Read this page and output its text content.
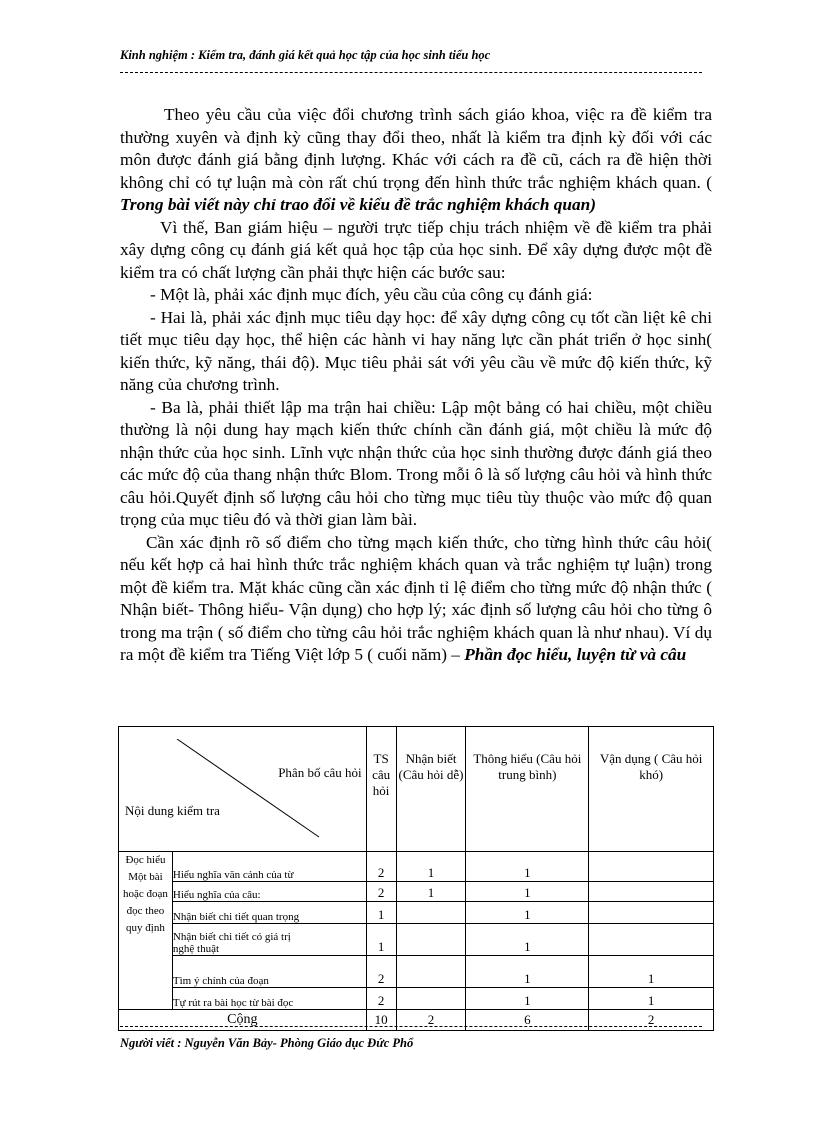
Kinh nghiệm : Kiểm tra, đánh giá kết quả học tập của học sinh tiểu học

Theo yêu cầu của việc đổi chương trình sách giáo khoa, việc ra đề kiểm tra thường xuyên và định kỳ cũng thay đổi theo, nhất là kiểm tra định kỳ đối với các môn được đánh giá bằng định lượng. Khác với cách ra đề cũ, cách ra đề hiện thời không chỉ có tự luận mà còn rất chú trọng đến hình thức trắc nghiệm khách quan. ( Trong bài viết này chỉ trao đổi về kiểu đề trắc nghiệm khách quan)

Vì thế, Ban giám hiệu – người trực tiếp chịu trách nhiệm về đề kiểm tra phải xây dựng công cụ đánh giá kết quả học tập của học sinh. Để xây dựng được một đề kiểm tra có chất lượng cần phải thực hiện các bước sau:

- Một là, phải xác định mục đích, yêu cầu của công cụ đánh giá:

- Hai là, phải xác định mục tiêu dạy học: để xây dựng công cụ tốt cần liệt kê chi tiết mục tiêu dạy học, thể hiện các hành vi hay năng lực cần phát triển ở học sinh( kiến thức, kỹ năng, thái độ). Mục tiêu phải sát với yêu cầu về mức độ kiến thức, kỹ năng của chương trình.

- Ba là, phải thiết lập ma trận hai chiều: Lập một bảng có hai chiều, một chiều thường là nội dung hay mạch kiến thức chính cần đánh giá, một chiều là mức độ nhận thức của học sinh. Lĩnh vực nhận thức của học sinh thường được đánh giá theo các mức độ của thang nhận thức Blom. Trong mỗi ô là số lượng câu hỏi và hình thức câu hỏi.Quyết định số lượng câu hỏi cho từng mục tiêu tùy thuộc vào mức độ quan trọng của mục tiêu đó và thời gian làm bài.

Cần xác định rõ số điểm cho từng mạch kiến thức, cho từng hình thức câu hỏi( nếu kết hợp cả hai hình thức trắc nghiệm khách quan và trắc nghiệm tự luận) trong một đề kiểm tra. Mặt khác cũng cần xác định tỉ lệ điểm cho từng mức độ nhận thức ( Nhận biết- Thông hiểu- Vận dụng) cho hợp lý; xác định số lượng câu hỏi cho từng ô trong ma trận ( số điểm cho từng câu hỏi trắc nghiệm khách quan là như nhau). Ví dụ ra một đề kiểm tra Tiếng Việt lớp 5 ( cuối năm) – Phần đọc hiểu, luyện từ và câu

Phân bố câu hỏi
Nội dung kiểm tra		TS câu hỏi	Nhận biết (Câu hỏi dễ)	Thông hiểu (Câu hỏi trung bình)	Vận dụng ( Câu hỏi khó)
Đọc hiểu Một bài hoặc đoạn đọc theo quy định	Hiểu nghĩa văn cảnh của từ	2	1	1	
	Hiểu nghĩa của câu:	2	1	1	
	Nhận biết chi tiết quan trọng	1		1	
	Nhận biết chi tiết có giá trị nghệ thuật	1		1	
	Tìm ý chính của đoạn	2		1	1
	Tự rút ra bài học từ bài đọc	2		1	1
Cộng		10	2	6	2
Người viết : Nguyễn Văn Bảy- Phòng Giáo dục Đức Phổ
